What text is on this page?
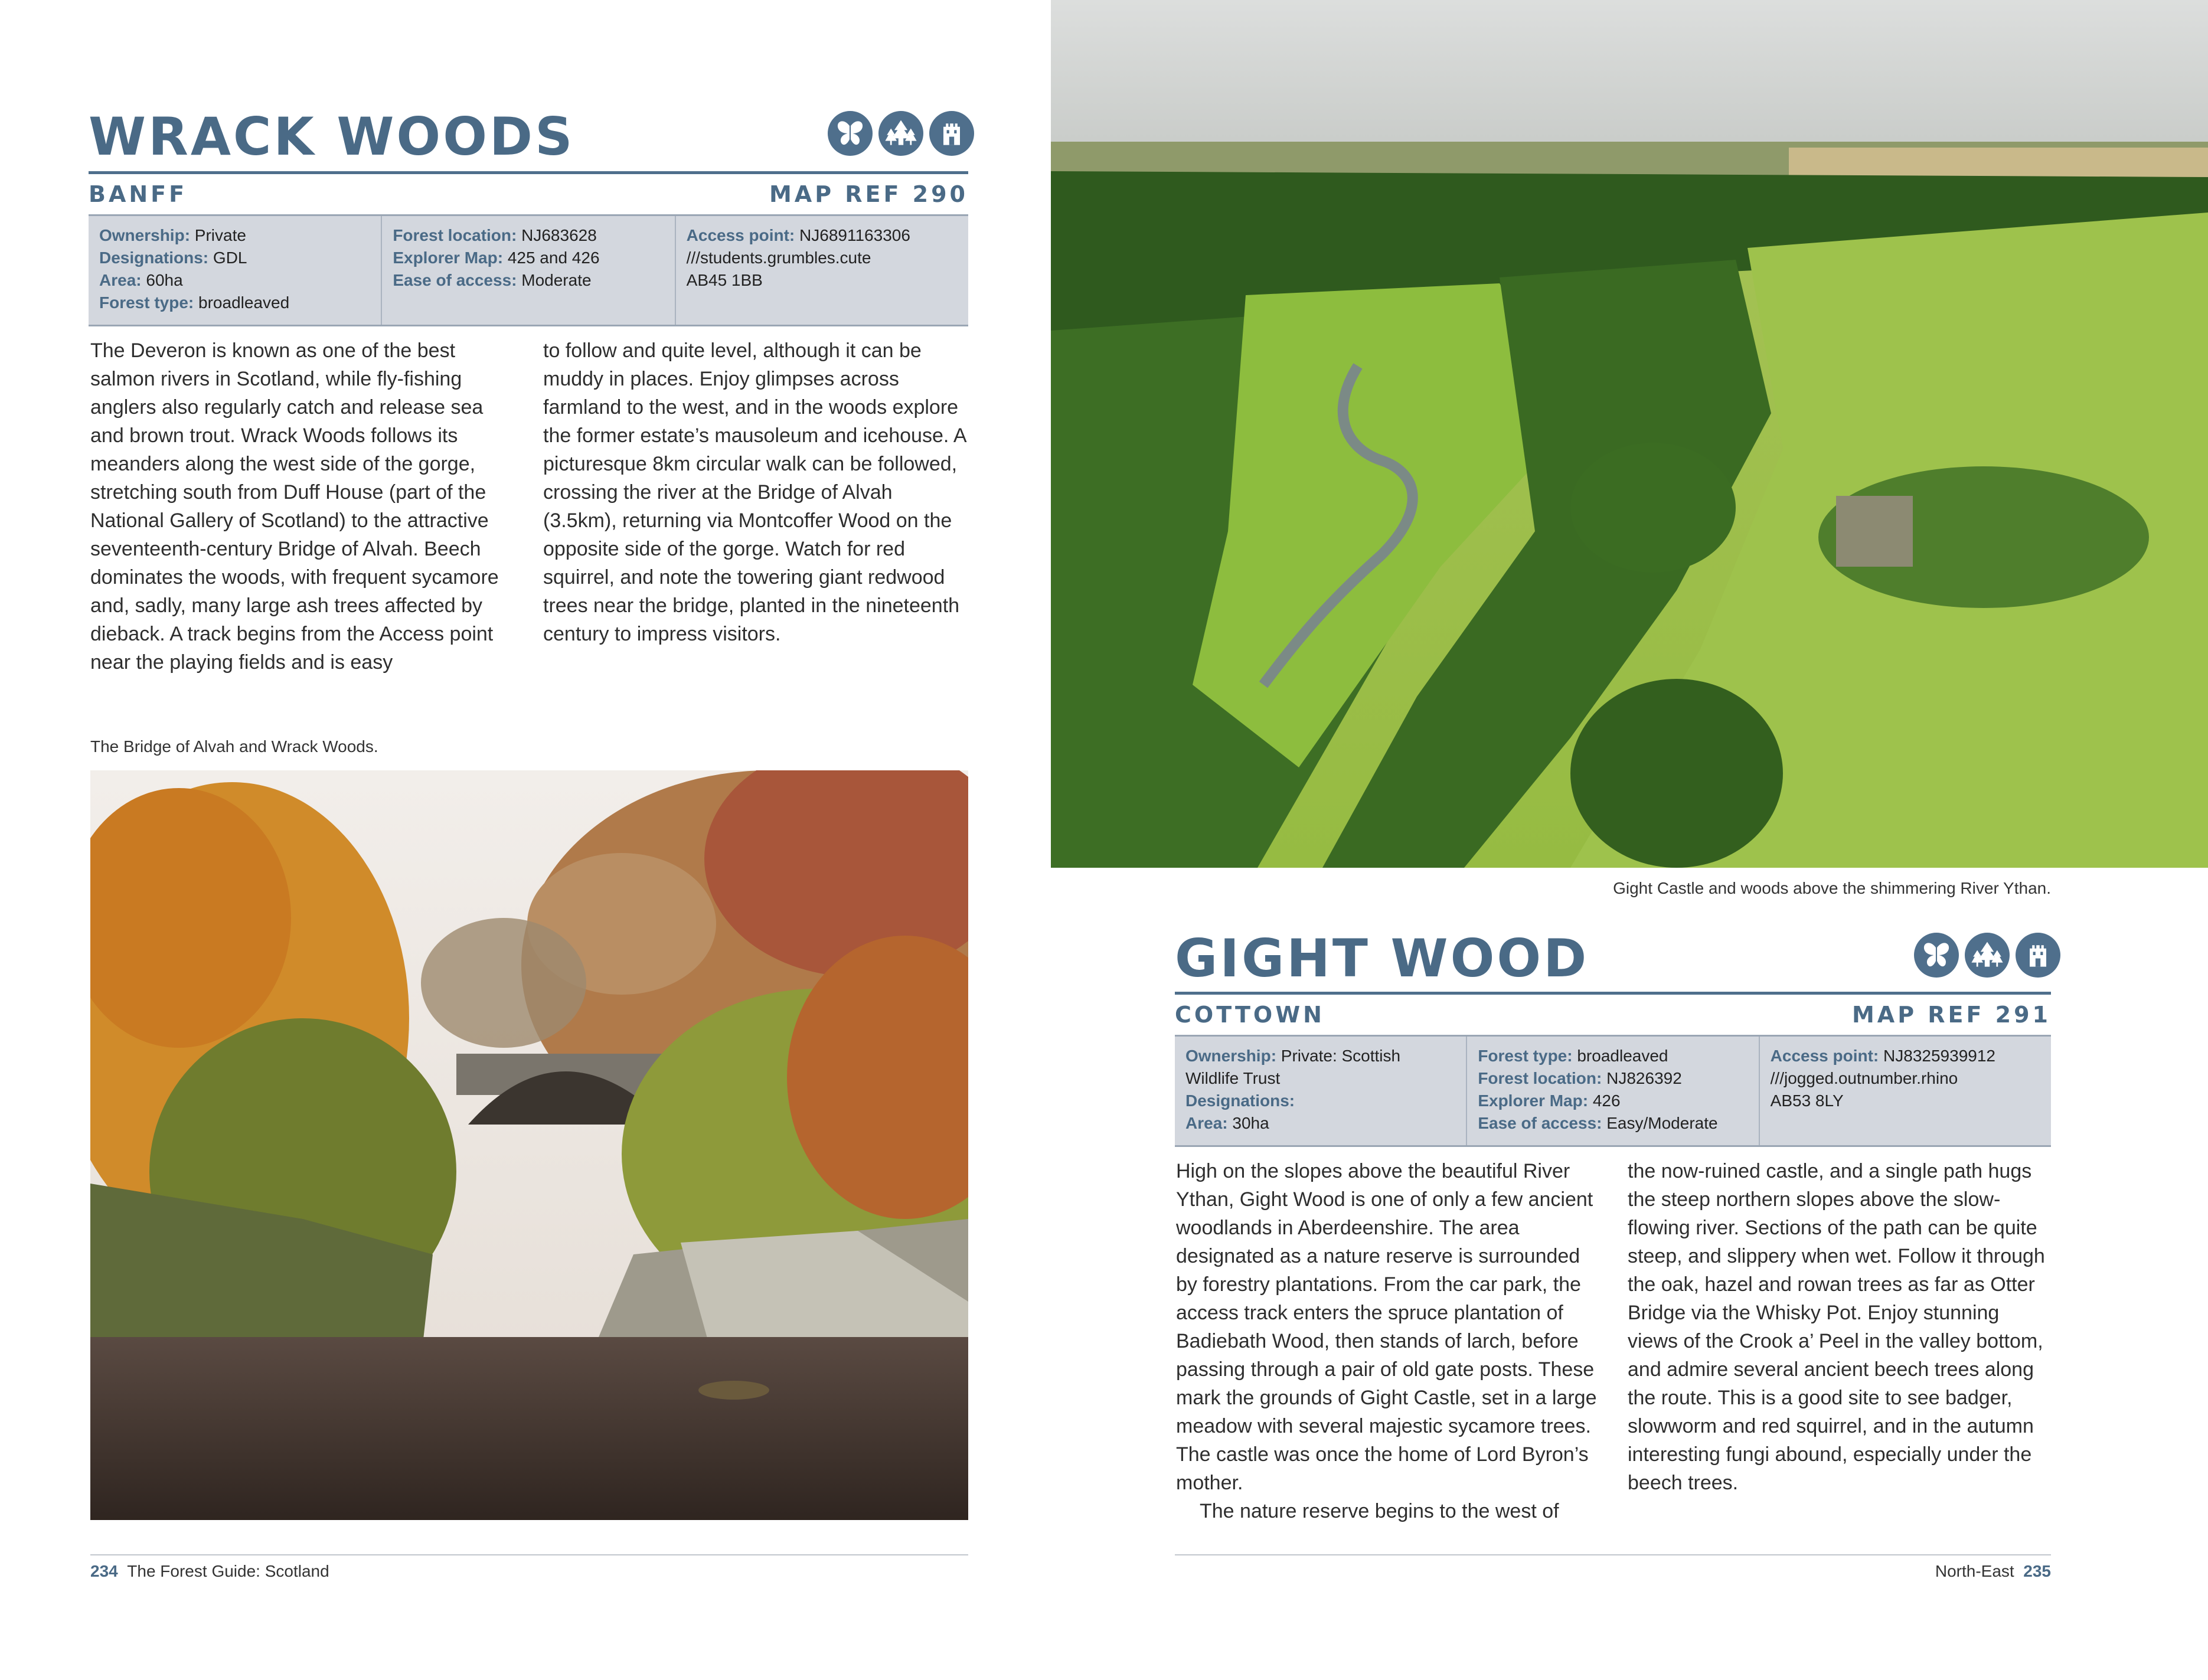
WRACK WOODS
BANFF	MAP REF 290
Ownership: Private
Designations: GDL
Area: 60ha
Forest type: broadleaved
Forest location: NJ683628
Explorer Map: 425 and 426
Ease of access: Moderate
Access point: NJ6891163306
///students.grumbles.cute
AB45 1BB

The Deveron is known as one of the best salmon rivers in Scotland, while fly-fishing anglers also regularly catch and release sea and brown trout. Wrack Woods follows its meanders along the west side of the gorge, stretching south from Duff House (part of the National Gallery of Scotland) to the attractive seventeenth-century Bridge of Alvah. Beech dominates the woods, with frequent sycamore and, sadly, many large ash trees affected by dieback. A track begins from the Access point near the playing fields and is easy

to follow and quite level, although it can be muddy in places. Enjoy glimpses across farmland to the west, and in the woods explore the former estate’s mausoleum and icehouse. A picturesque 8km circular walk can be followed, crossing the river at the Bridge of Alvah (3.5km), returning via Montcoffer Wood on the opposite side of the gorge. Watch for red squirrel, and note the towering giant redwood trees near the bridge, planted in the nineteenth century to impress visitors.

The Bridge of Alvah and Wrack Woods.
234 The Forest Guide: Scotland
Gight Castle and woods above the shimmering River Ythan.
GIGHT WOOD
COTTOWN	MAP REF 291
Ownership: Private: Scottish Wildlife Trust
Designations:
Area: 30ha
Forest type: broadleaved
Forest location: NJ826392
Explorer Map: 426
Ease of access: Easy/Moderate
Access point: NJ8325939912
///jogged.outnumber.rhino
AB53 8LY

High on the slopes above the beautiful River Ythan, Gight Wood is one of only a few ancient woodlands in Aberdeenshire. The area designated as a nature reserve is surrounded by forestry plantations. From the car park, the access track enters the spruce plantation of Badiebath Wood, then stands of larch, before passing through a pair of old gate posts. These mark the grounds of Gight Castle, set in a large meadow with several majestic sycamore trees. The castle was once the home of Lord Byron’s mother.

The nature reserve begins to the west of

the now-ruined castle, and a single path hugs the steep northern slopes above the slow-flowing river. Sections of the path can be quite steep, and slippery when wet. Follow it through the oak, hazel and rowan trees as far as Otter Bridge via the Whisky Pot. Enjoy stunning views of the Crook a’ Peel in the valley bottom, and admire several ancient beech trees along the route. This is a good site to see badger, slowworm and red squirrel, and in the autumn interesting fungi abound, especially under the beech trees.

North-East 235
